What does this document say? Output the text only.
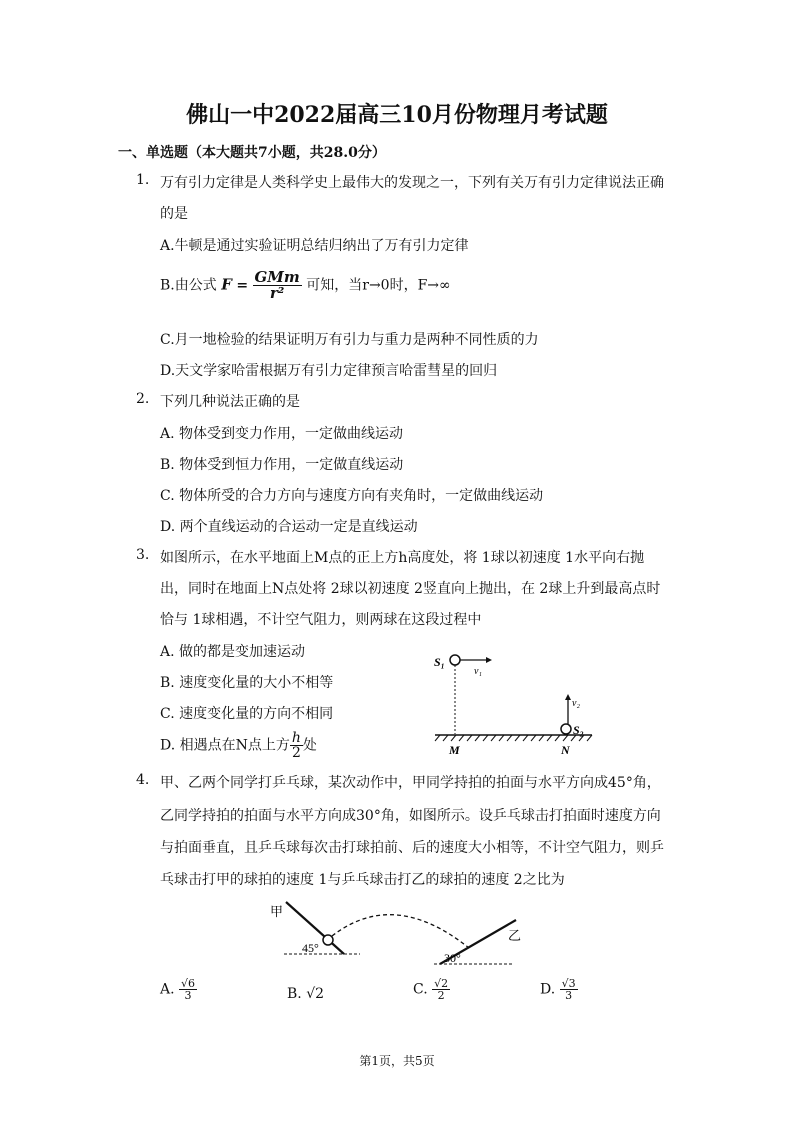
佛山一中2022届高三10月份物理月考试题
一、单选题（本大题共7小题，共28.0分）
1. 万有引力定律是人类科学史上最伟大的发现之一，下列有关万有引力定律说法正确
的是
A.牛顿是通过实验证明总结归纳出了万有引力定律
B.由公式 $F = \frac{\text{GMm}}{\text{r²}}$ 可知，当r→0时，F→∞
C.月一地检验的结果证明万有引力与重力是两种不同性质的力
D.天文学家哈雷根据万有引力定律预言哈雷彗星的回归
2. 下列几种说法正确的是
A. 物体受到变力作用，一定做曲线运动
B. 物体受到恒力作用，一定做直线运动
C. 物体所受的合力方向与速度方向有夹角时，一定做曲线运动
D. 两个直线运动的合运动一定是直线运动
3. 如图所示，在水平地面上M点的正上方h高度处，将 1球以初速度 1水平向右抛
出，同时在地面上N点处将 2球以初速度 2竖直向上抛出，在 2球上升到最高点时
恰与 1球相遇，不计空气阻力，则两球在这段过程中
A. 做的都是变加速运动
B. 速度变化量的大小不相等
C. 速度变化量的方向不相同
D. 相遇点在N点上方 $\frac{h}{2}$ 处
S₁
v₁
v₂
S₂
M	N
4. 甲、乙两个同学打乒乓球，某次动作中，甲同学持拍的拍面与水平方向成45°角，
乙同学持拍的拍面与水平方向成30°角，如图所示。设乒乓球击打拍面时速度方向
与拍面垂直，且乒乓球每次击打球拍前、后的速度大小相等，不计空气阻力，则乒
乓球击打甲的球拍的速度 1与乒乓球击打乙的球拍的速度 2之比为
甲
45°
乙
30°
A. $\frac{√6}{3}$	B. √2	C. $\frac{√2}{2}$	D. $\frac{√3}{3}$
第1页，共5页
